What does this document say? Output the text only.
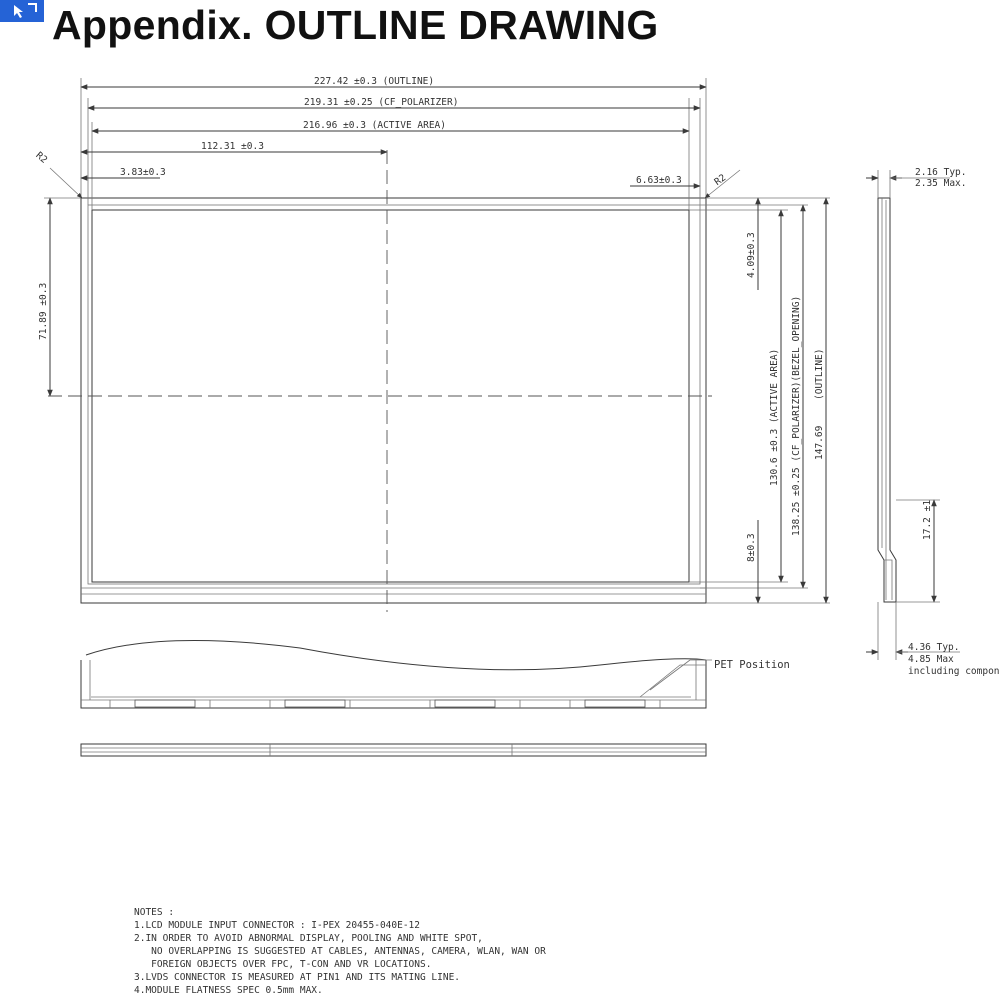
Appendix. OUTLINE DRAWING
227.42 ±0.3 (OUTLINE)
219.31 ±0.25 (CF_POLARIZER)
216.96 ±0.3 (ACTIVE AREA)
112.31 ±0.3
3.83±0.3
6.63±0.3
R2
R2
71.89 ±0.3
4.09±0.3
8±0.3
130.6 ±0.3 (ACTIVE AREA) 138.25 ±0.25 (CF_POLARIZER)(BEZEL_OPENING) 147.69
(OUTLINE)
2.16 Typ.
2.35 Max.
17.2 ±1
4.36 Typ.
4.85 Max
including compon
PET Position
NOTES :
1.LCD MODULE INPUT CONNECTOR : I-PEX 20455-040E-12
2.IN ORDER TO AVOID ABNORMAL DISPLAY, POOLING AND WHITE SPOT,
NO OVERLAPPING IS SUGGESTED AT CABLES, ANTENNAS, CAMERA, WLAN, WAN OR
FOREIGN OBJECTS OVER FPC, T-CON AND VR LOCATIONS.
3.LVDS CONNECTOR IS MEASURED AT PIN1 AND ITS MATING LINE.
4.MODULE FLATNESS SPEC 0.5mm MAX.
